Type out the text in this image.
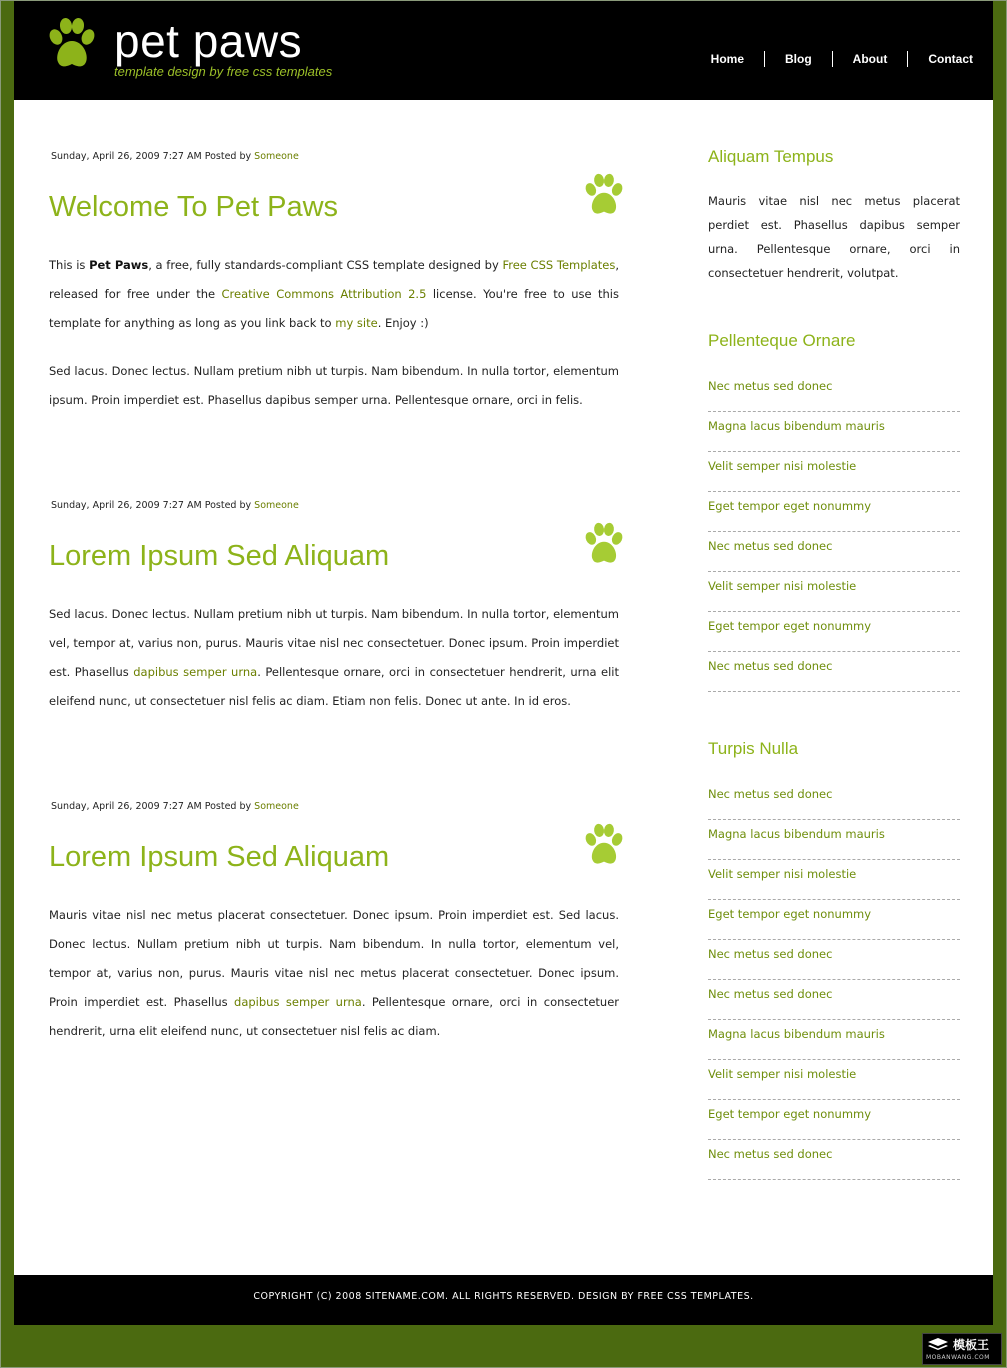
pet paws
template design by free css templates
Home	Blog	About	Contact
Sunday, April 26, 2009 7:27 AM Posted by Someone
Welcome To Pet Paws

This is Pet Paws, a free, fully standards-compliant CSS template designed by Free CSS Templates, released for free under the Creative Commons Attribution 2.5 license. You're free to use this template for anything as long as you link back to my site. Enjoy :)

Sed lacus. Donec lectus. Nullam pretium nibh ut turpis. Nam bibendum. In nulla tortor, elementum ipsum. Proin imperdiet est. Phasellus dapibus semper urna. Pellentesque ornare, orci in felis.

Sunday, April 26, 2009 7:27 AM Posted by Someone
Lorem Ipsum Sed Aliquam

Sed lacus. Donec lectus. Nullam pretium nibh ut turpis. Nam bibendum. In nulla tortor, elementum vel, tempor at, varius non, purus. Mauris vitae nisl nec consectetuer. Donec ipsum. Proin imperdiet est. Phasellus dapibus semper urna. Pellentesque ornare, orci in consectetuer hendrerit, urna elit eleifend nunc, ut consectetuer nisl felis ac diam. Etiam non felis. Donec ut ante. In id eros.

Sunday, April 26, 2009 7:27 AM Posted by Someone
Lorem Ipsum Sed Aliquam

Mauris vitae nisl nec metus placerat consectetuer. Donec ipsum. Proin imperdiet est. Sed lacus. Donec lectus. Nullam pretium nibh ut turpis. Nam bibendum. In nulla tortor, elementum vel, tempor at, varius non, purus. Mauris vitae nisl nec metus placerat consectetuer. Donec ipsum. Proin imperdiet est. Phasellus dapibus semper urna. Pellentesque ornare, orci in consectetuer hendrerit, urna elit eleifend nunc, ut consectetuer nisl felis ac diam.

Aliquam Tempus

Mauris vitae nisl nec metus placerat perdiet est. Phasellus dapibus semper urna. Pellentesque ornare, orci in consectetuer hendrerit, volutpat.

Pellenteque Ornare
Nec metus sed donec
Magna lacus bibendum mauris
Velit semper nisi molestie
Eget tempor eget nonummy
Nec metus sed donec
Velit semper nisi molestie
Eget tempor eget nonummy
Nec metus sed donec
Turpis Nulla
Nec metus sed donec
Magna lacus bibendum mauris
Velit semper nisi molestie
Eget tempor eget nonummy
Nec metus sed donec
Nec metus sed donec
Magna lacus bibendum mauris
Velit semper nisi molestie
Eget tempor eget nonummy
Nec metus sed donec
COPYRIGHT (C) 2008 SITENAME.COM. ALL RIGHTS RESERVED. DESIGN BY FREE CSS TEMPLATES.
模板王
MOBANWANG.COM
